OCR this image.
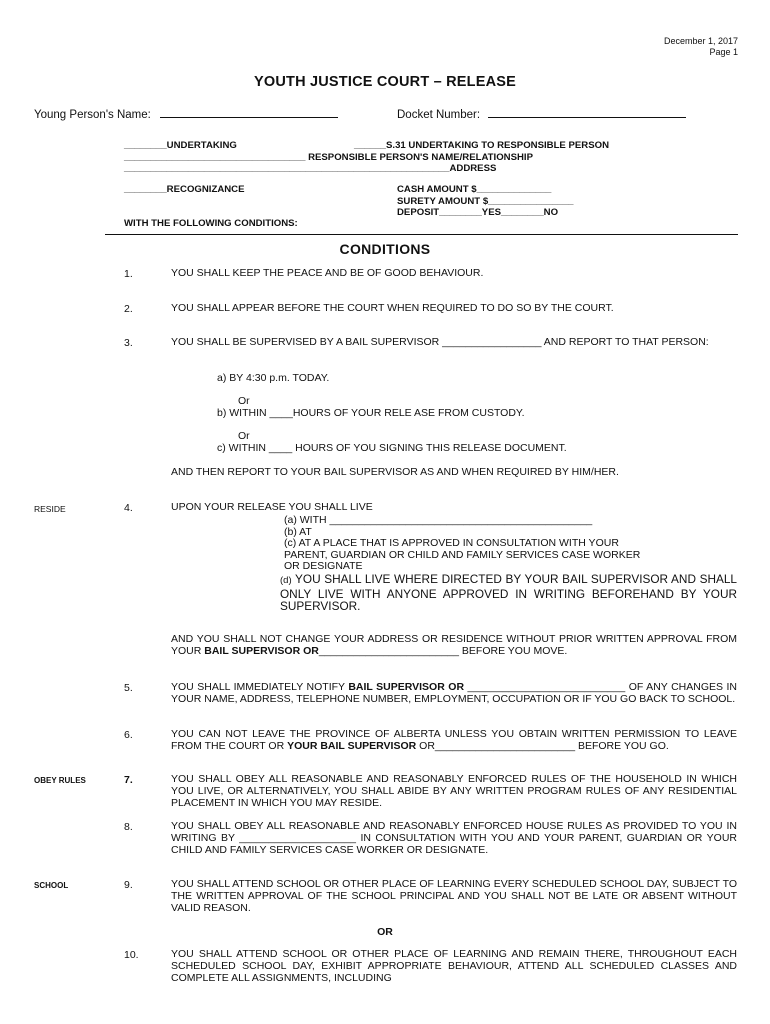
December 1, 2017
Page 1
YOUTH JUSTICE COURT – RELEASE
Young Person's Name:	Docket Number:
________UNDERTAKING	______S.31 UNDERTAKING TO RESPONSIBLE PERSON
__________________________________ RESPONSIBLE PERSON'S NAME/RELATIONSHIP
_____________________________________________________________ADDRESS
________RECOGNIZANCE	CASH AMOUNT $______________
SURETY AMOUNT $________________
DEPOSIT________YES________NO
WITH THE FOLLOWING CONDITIONS:
CONDITIONS
1.	YOU SHALL KEEP THE PEACE AND BE OF GOOD BEHAVIOUR.
2.	YOU SHALL APPEAR BEFORE THE COURT WHEN REQUIRED TO DO SO BY THE COURT.
3.	YOU SHALL BE SUPERVISED BY A BAIL SUPERVISOR _________________ AND REPORT TO THAT PERSON:
a) BY 4:30 p.m. TODAY.
Or
b) WITHIN ____HOURS OF YOUR RELE ASE FROM CUSTODY.
Or
c) WITHIN ____ HOURS OF YOU SIGNING THIS RELEASE DOCUMENT.
AND THEN REPORT TO YOUR BAIL SUPERVISOR AS AND WHEN REQUIRED BY HIM/HER.
RESIDE	4.	UPON YOUR RELEASE YOU SHALL LIVE
(a) WITH _____________________________________________
(b) AT
(c) AT A PLACE THAT IS APPROVED IN CONSULTATION WITH YOUR
PARENT, GUARDIAN OR CHILD AND FAMILY SERVICES CASE WORKER
OR DESIGNATE
(d) YOU SHALL LIVE WHERE DIRECTED BY YOUR BAIL SUPERVISOR AND SHALL ONLY LIVE WITH ANYONE APPROVED IN WRITING BEFOREHAND BY YOUR SUPERVISOR.
AND YOU SHALL NOT CHANGE YOUR ADDRESS OR RESIDENCE WITHOUT PRIOR WRITTEN APPROVAL FROM YOUR BAIL SUPERVISOR OR________________________ BEFORE YOU MOVE.
5.	YOU SHALL IMMEDIATELY NOTIFY BAIL SUPERVISOR OR ___________________________ OF ANY CHANGES IN YOUR NAME, ADDRESS, TELEPHONE NUMBER, EMPLOYMENT, OCCUPATION OR IF YOU GO BACK TO SCHOOL.
6.	YOU CAN NOT LEAVE THE PROVINCE OF ALBERTA UNLESS YOU OBTAIN WRITTEN PERMISSION TO LEAVE FROM THE COURT OR YOUR BAIL SUPERVISOR OR________________________ BEFORE YOU GO.
OBEY RULES	7.	YOU SHALL OBEY ALL REASONABLE AND REASONABLY ENFORCED RULES OF THE HOUSEHOLD IN WHICH YOU LIVE, OR ALTERNATIVELY, YOU SHALL ABIDE BY ANY WRITTEN PROGRAM RULES OF ANY RESIDENTIAL PLACEMENT IN WHICH YOU MAY RESIDE.
8.	YOU SHALL OBEY ALL REASONABLE AND REASONABLY ENFORCED HOUSE RULES AS PROVIDED TO YOU IN WRITING BY ____________________ IN CONSULTATION WITH YOU AND YOUR PARENT, GUARDIAN OR YOUR CHILD AND FAMILY SERVICES CASE WORKER OR DESIGNATE.
SCHOOL	9.	YOU SHALL ATTEND SCHOOL OR OTHER PLACE OF LEARNING EVERY SCHEDULED SCHOOL DAY, SUBJECT TO THE WRITTEN APPROVAL OF THE SCHOOL PRINCIPAL AND YOU SHALL NOT BE LATE OR ABSENT WITHOUT VALID REASON.
OR
10.	YOU SHALL ATTEND SCHOOL OR OTHER PLACE OF LEARNING AND REMAIN THERE, THROUGHOUT EACH SCHEDULED SCHOOL DAY, EXHIBIT APPROPRIATE BEHAVIOUR, ATTEND ALL SCHEDULED CLASSES AND COMPLETE ALL ASSIGNMENTS, INCLUDING
